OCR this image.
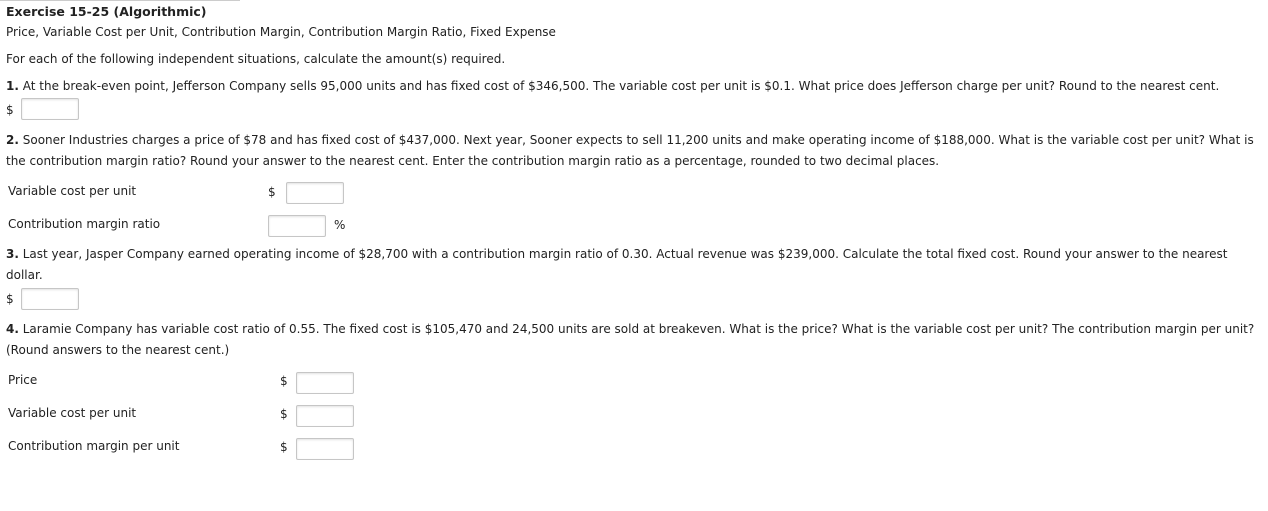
Exercise 15-25 (Algorithmic)
Price, Variable Cost per Unit, Contribution Margin, Contribution Margin Ratio, Fixed Expense
For each of the following independent situations, calculate the amount(s) required.
1. At the break-even point, Jefferson Company sells 95,000 units and has fixed cost of $346,500. The variable cost per unit is $0.1. What price does Jefferson charge per unit? Round to the nearest cent.
$
2. Sooner Industries charges a price of $78 and has fixed cost of $437,000. Next year, Sooner expects to sell 11,200 units and make operating income of $188,000. What is the variable cost per unit? What is the contribution margin ratio? Round your answer to the nearest cent. Enter the contribution margin ratio as a percentage, rounded to two decimal places.
Variable cost per unit	$
Contribution margin ratio	%
3. Last year, Jasper Company earned operating income of $28,700 with a contribution margin ratio of 0.30. Actual revenue was $239,000. Calculate the total fixed cost. Round your answer to the nearest dollar.
$
4. Laramie Company has variable cost ratio of 0.55. The fixed cost is $105,470 and 24,500 units are sold at breakeven. What is the price? What is the variable cost per unit? The contribution margin per unit? (Round answers to the nearest cent.)
Price	$
Variable cost per unit	$
Contribution margin per unit	$
